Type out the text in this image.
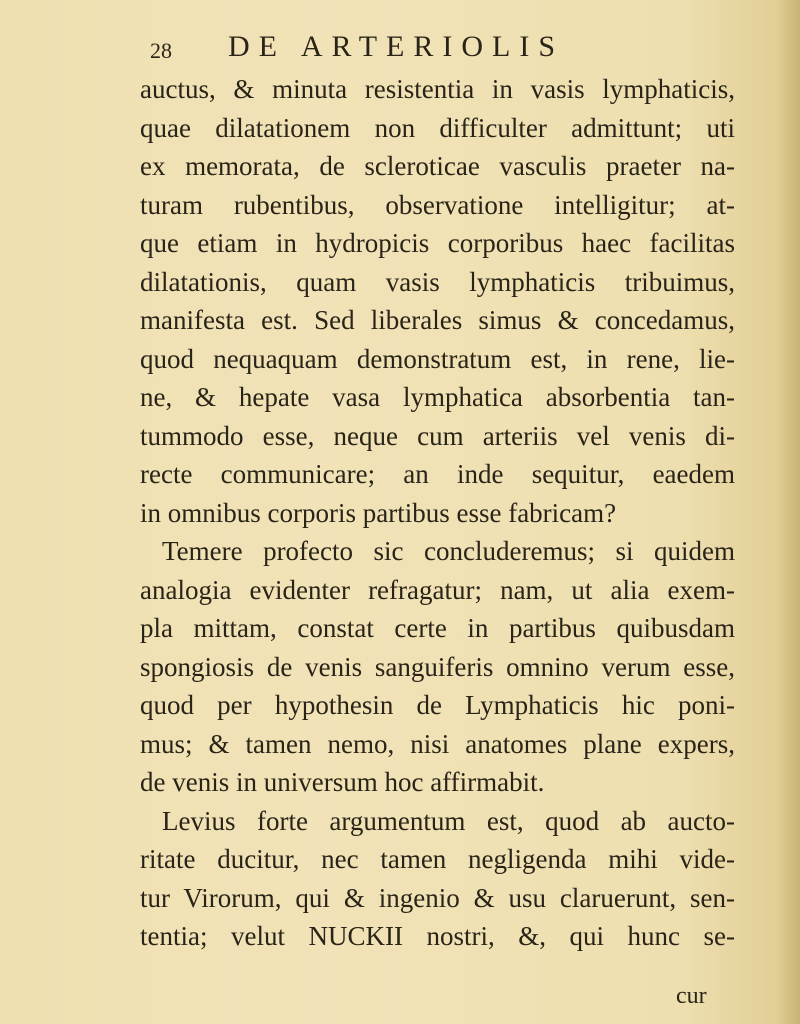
28 DE ARTERIOLIS
auctus, & minuta resistentia in vasis lymphaticis,
quae dilatationem non difficulter admittunt; uti
ex memorata, de scleroticae vasculis praeter na-
turam rubentibus, observatione intelligitur; at-
que etiam in hydropicis corporibus haec facilitas
dilatationis, quam vasis lymphaticis tribuimus,
manifesta est. Sed liberales simus & concedamus,
quod nequaquam demonstratum est, in rene, lie-
ne, & hepate vasa lymphatica absorbentia tan-
tummodo esse, neque cum arteriis vel venis di-
recte communicare; an inde sequitur, eaedem
in omnibus corporis partibus esse fabricam?
Temere profecto sic concluderemus; si quidem
analogia evidenter refragatur; nam, ut alia exem-
pla mittam, constat certe in partibus quibusdam
spongiosis de venis sanguiferis omnino verum esse,
quod per hypothesin de Lymphaticis hic poni-
mus; & tamen nemo, nisi anatomes plane expers,
de venis in universum hoc affirmabit.
Levius forte argumentum est, quod ab aucto-
ritate ducitur, nec tamen negligenda mihi vide-
tur Virorum, qui & ingenio & usu claruerunt, sen-
tentia; velut NUCKII nostri, &, qui hunc se-
cur
